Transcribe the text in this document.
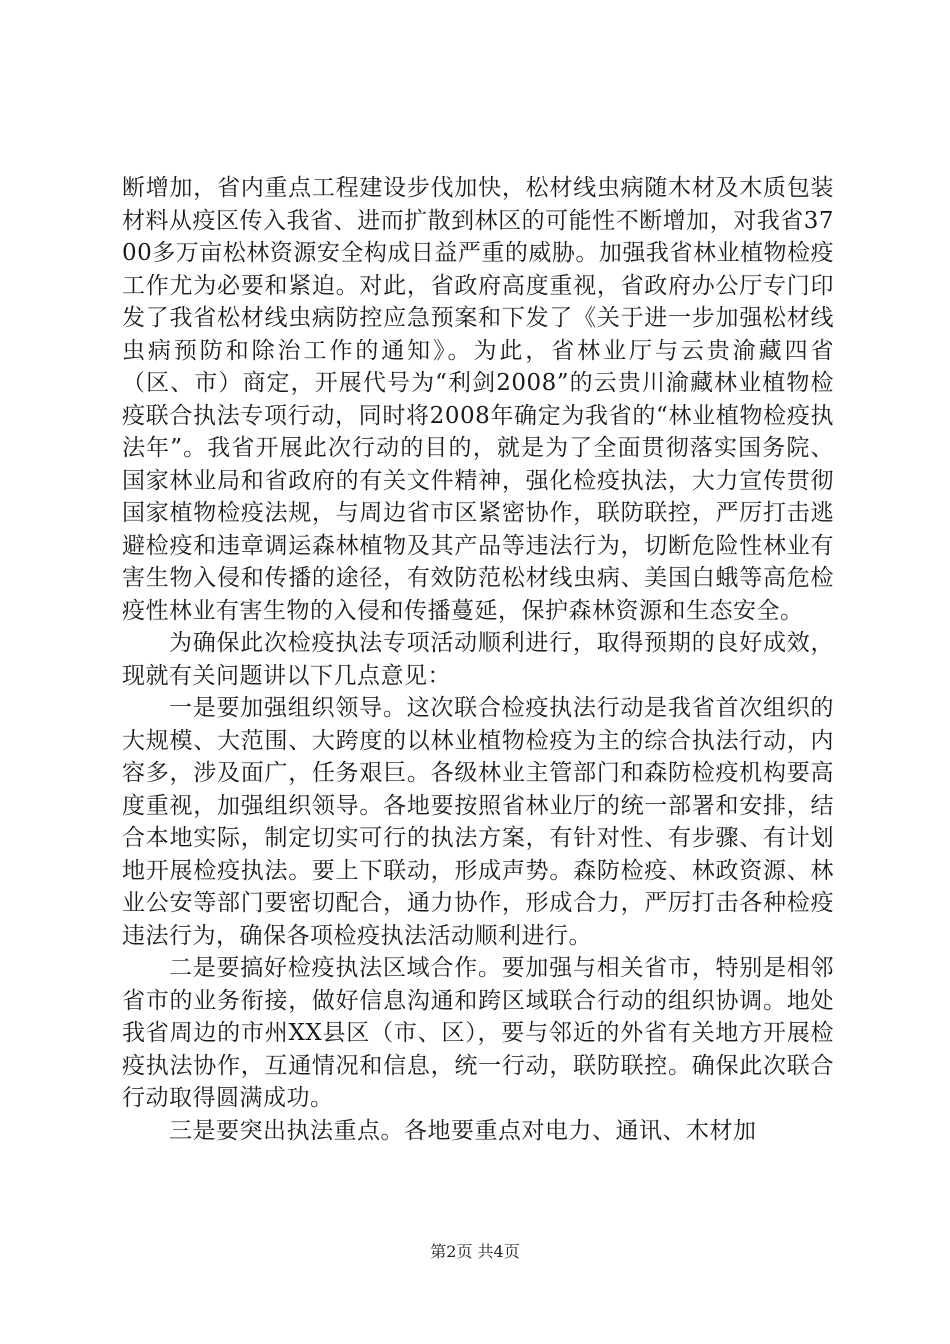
断增加，省内重点工程建设步伐加快，松材线虫病随木材及木质包装材料从疫区传入我省、进而扩散到林区的可能性不断增加，对我省3700多万亩松林资源安全构成日益严重的威胁。加强我省林业植物检疫工作尤为必要和紧迫。对此，省政府高度重视，省政府办公厅专门印发了我省松材线虫病防控应急预案和下发了《关于进一步加强松材线虫病预防和除治工作的通知》。为此，省林业厅与云贵渝藏四省（区、市）商定，开展代号为“利剑2008”的云贵川渝藏林业植物检疫联合执法专项行动，同时将2008年确定为我省的“林业植物检疫执法年”。我省开展此次行动的目的，就是为了全面贯彻落实国务院、国家林业局和省政府的有关文件精神，强化检疫执法，大力宣传贯彻国家植物检疫法规，与周边省市区紧密协作，联防联控，严厉打击逃避检疫和违章调运森林植物及其产品等违法行为，切断危险性林业有害生物入侵和传播的途径，有效防范松材线虫病、美国白蛾等高危检疫性林业有害生物的入侵和传播蔓延，保护森林资源和生态安全。

为确保此次检疫执法专项活动顺利进行，取得预期的良好成效，现就有关问题讲以下几点意见：

一是要加强组织领导。这次联合检疫执法行动是我省首次组织的大规模、大范围、大跨度的以林业植物检疫为主的综合执法行动，内容多，涉及面广，任务艰巨。各级林业主管部门和森防检疫机构要高度重视，加强组织领导。各地要按照省林业厅的统一部署和安排，结合本地实际，制定切实可行的执法方案，有针对性、有步骤、有计划地开展检疫执法。要上下联动，形成声势。森防检疫、林政资源、林业公安等部门要密切配合，通力协作，形成合力，严厉打击各种检疫违法行为，确保各项检疫执法活动顺利进行。

二是要搞好检疫执法区域合作。要加强与相关省市，特别是相邻省市的业务衔接，做好信息沟通和跨区域联合行动的组织协调。地处我省周边的市州XX县区（市、区），要与邻近的外省有关地方开展检疫执法协作，互通情况和信息，统一行动，联防联控。确保此次联合行动取得圆满成功。

三是要突出执法重点。各地要重点对电力、通讯、木材加

第2页 共4页
